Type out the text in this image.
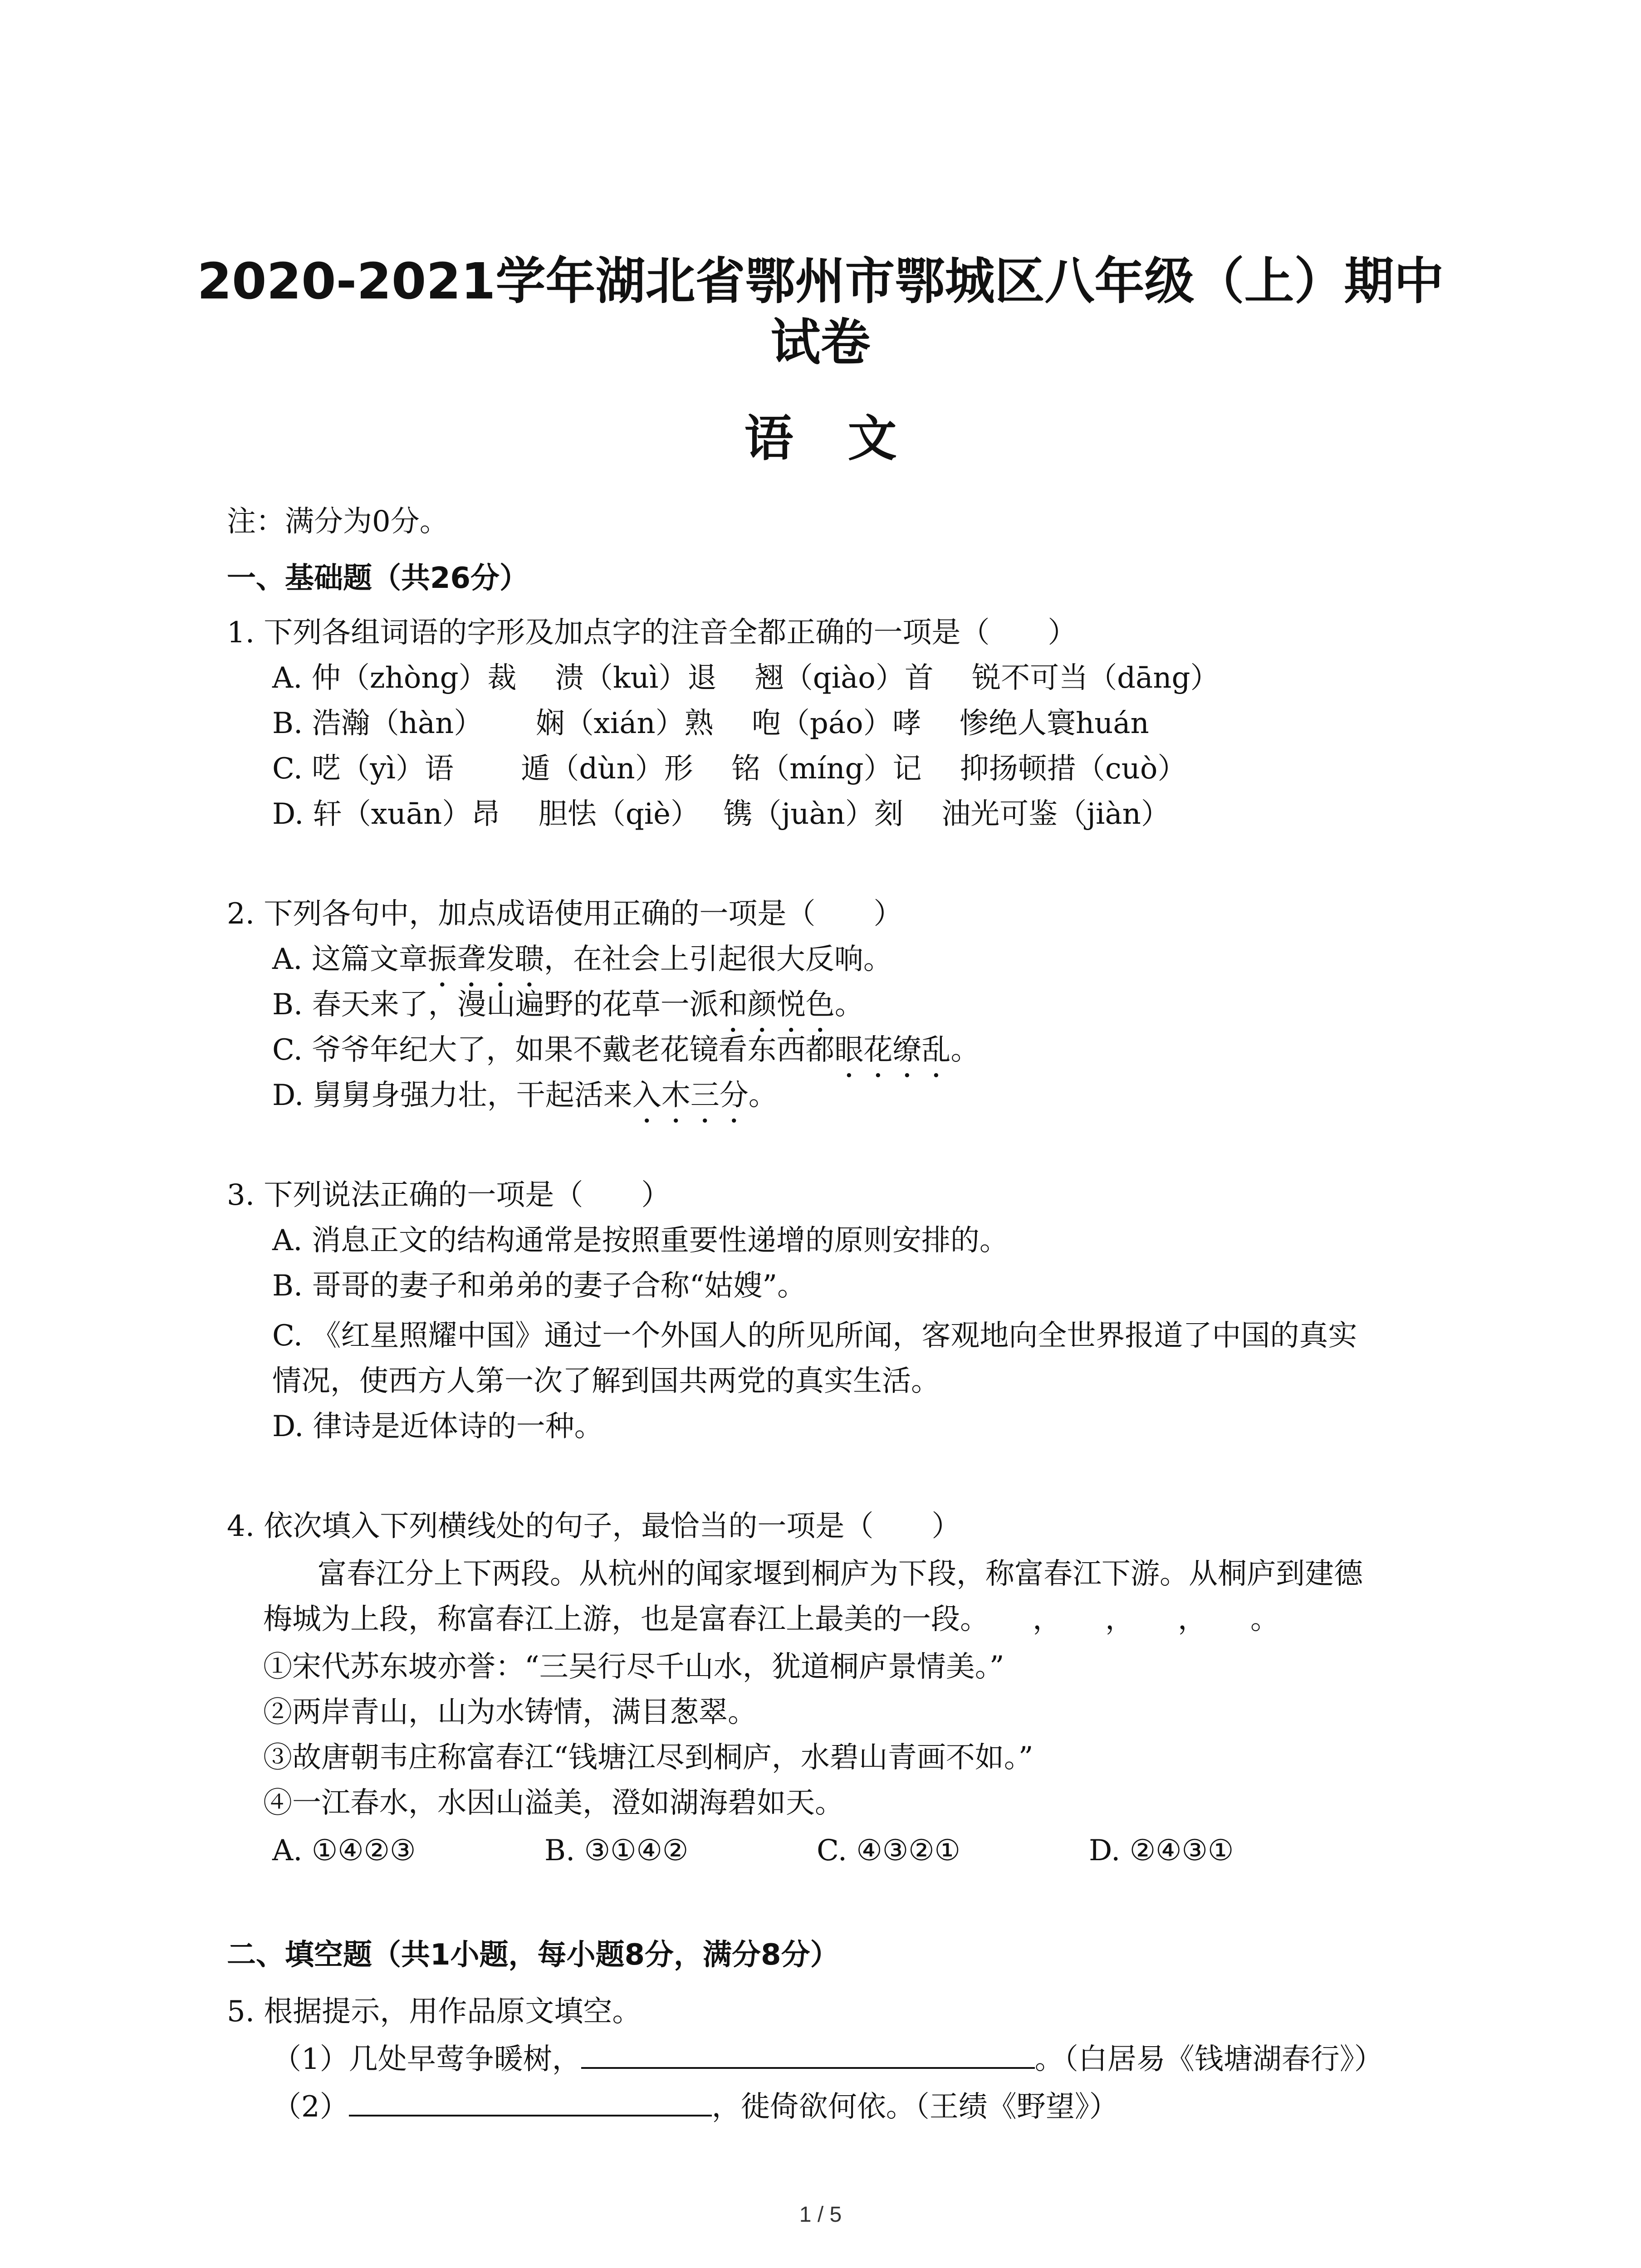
2020-2021学年湖北省鄂州市鄂城区八年级（上）期中
试卷
语文
注：满分为0分。
一、基础题（共26分）
1. 下列各组词语的字形及加点字的注音全都正确的一项是（　　）
A. 仲（zhòng）裁　 溃（kuì）退　 翘（qiào）首　 锐不可当（dāng）
B. 浩瀚（hàn）　　 娴（xián）熟　 咆（páo）哮　 惨绝人寰huán
C. 呓（yì）语　　 遁（dùn）形　 铭（míng）记　 抑扬顿措（cuò）
D. 轩（xuān）昂　 胆怯（qiè）　 镌（juàn）刻　 油光可鉴（jiàn）
2. 下列各句中，加点成语使用正确的一项是（　　）
A. 这篇文章振聋发聩，在社会上引起很大反响。
B. 春天来了，漫山遍野的花草一派和颜悦色。
C. 爷爷年纪大了，如果不戴老花镜看东西都眼花缭乱。
D. 舅舅身强力壮，干起活来入木三分。
3. 下列说法正确的一项是（　　）
A. 消息正文的结构通常是按照重要性递增的原则安排的。
B. 哥哥的妻子和弟弟的妻子合称“姑嫂”。
C. 《红星照耀中国》通过一个外国人的所见所闻，客观地向全世界报道了中国的真实
情况，使西方人第一次了解到国共两党的真实生活。
D. 律诗是近体诗的一种。
4. 依次填入下列横线处的句子，最恰当的一项是（　　）
富春江分上下两段。从杭州的闻家堰到桐庐为下段，称富春江下游。从桐庐到建德
梅城为上段，称富春江上游，也是富春江上最美的一段。　　，　　，　　，　　。
①宋代苏东坡亦誉：“三吴行尽千山水，犹道桐庐景情美。”
②两岸青山，山为水铸情，满目葱翠。
③故唐朝韦庄称富春江“钱塘江尽到桐庐，水碧山青画不如。”
④一江春水，水因山溢美，澄如湖海碧如天。
A. ①④②③	B. ③①④②	C. ④③②①	D. ②④③①
二、填空题（共1小题，每小题8分，满分8分）
5. 根据提示，用作品原文填空。
（1）几处早莺争暖树，	。（白居易《钱塘湖春行》）
（2）	，徙倚欲何依。（王绩《野望》）
1 / 5
